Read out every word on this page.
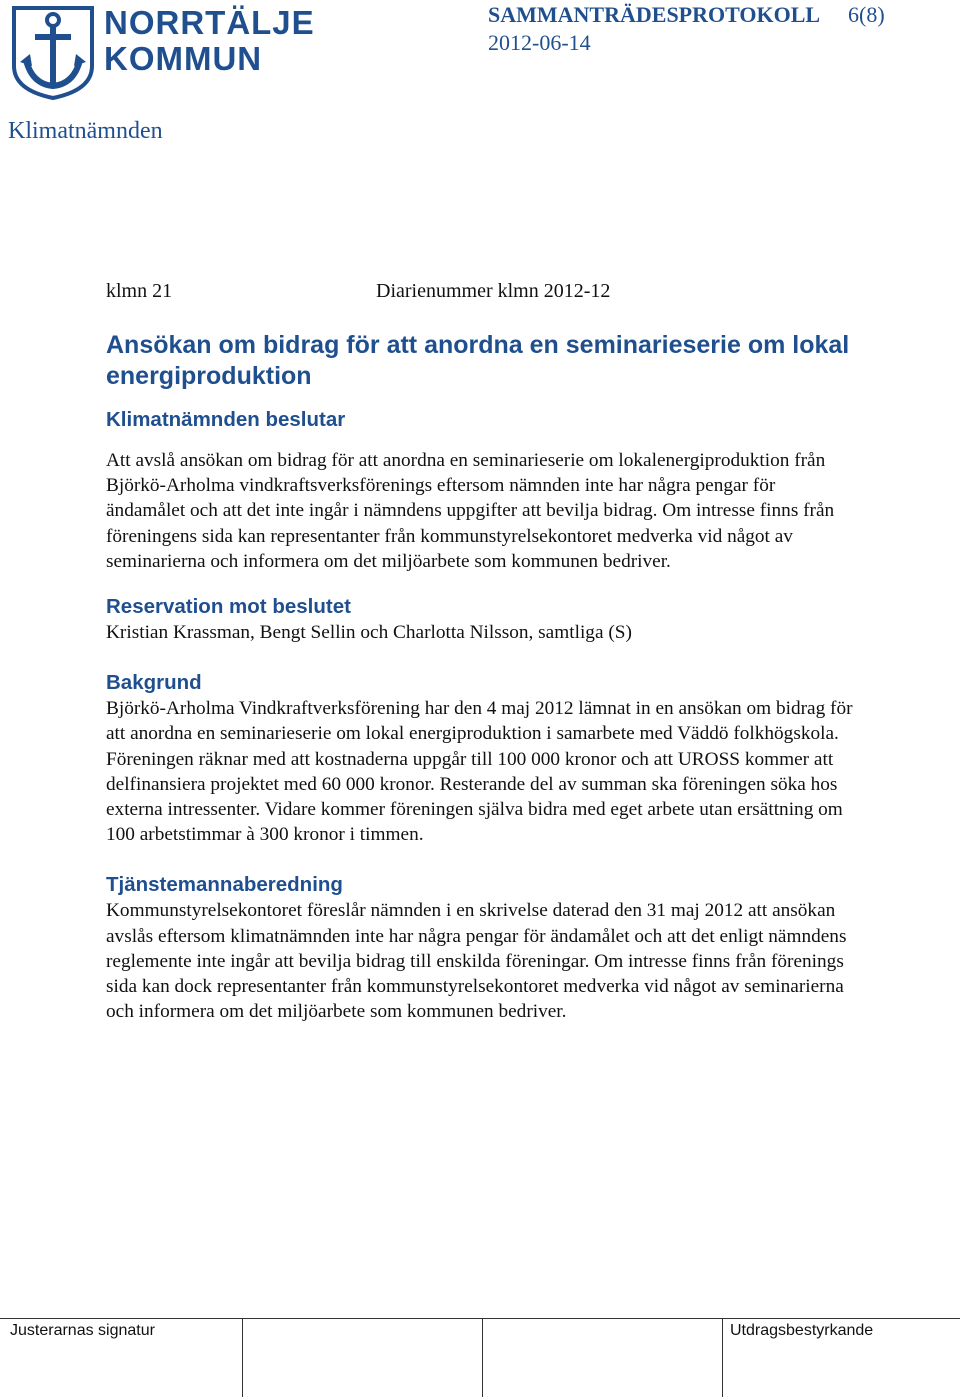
NORRTÄLJE
KOMMUN
SAMMANTRÄDESPROTOKOLL 6(8)
2012-06-14
Klimatnämnden
klmn 21	Diarienummer klmn 2012-12
Ansökan om bidrag för att anordna en seminarieserie om lokal energiproduktion
Klimatnämnden beslutar

Att avslå ansökan om bidrag för att anordna en seminarieserie om lokalenergiproduktion från Björkö-Arholma vindkraftsverksförenings eftersom nämnden inte har några pengar för ändamålet och att det inte ingår i nämndens uppgifter att bevilja bidrag. Om intresse finns från föreningens sida kan representanter från kommunstyrelsekontoret medverka vid något av seminarierna och informera om det miljöarbete som kommunen bedriver.

Reservation mot beslutet

Kristian Krassman, Bengt Sellin och Charlotta Nilsson, samtliga (S)

Bakgrund

Björkö-Arholma Vindkraftverksförening har den 4 maj 2012 lämnat in en ansökan om bidrag för att anordna en seminarieserie om lokal energiproduktion i samarbete med Väddö folkhögskola. Föreningen räknar med att kostnaderna uppgår till 100 000 kronor och att UROSS kommer att delfinansiera projektet med 60 000 kronor. Resterande del av summan ska föreningen söka hos externa intressenter. Vidare kommer föreningen själva bidra med eget arbete utan ersättning om 100 arbetstimmar à 300 kronor i timmen.

Tjänstemannaberedning

Kommunstyrelsekontoret föreslår nämnden i en skrivelse daterad den 31 maj 2012 att ansökan avslås eftersom klimatnämnden inte har några pengar för ändamålet och att det enligt nämndens reglemente inte ingår att bevilja bidrag till enskilda föreningar. Om intresse finns från förenings sida kan dock representanter från kommunstyrelsekontoret medverka vid något av seminarierna och informera om det miljöarbete som kommunen bedriver.

Justerarnas signatur	Utdragsbestyrkande
